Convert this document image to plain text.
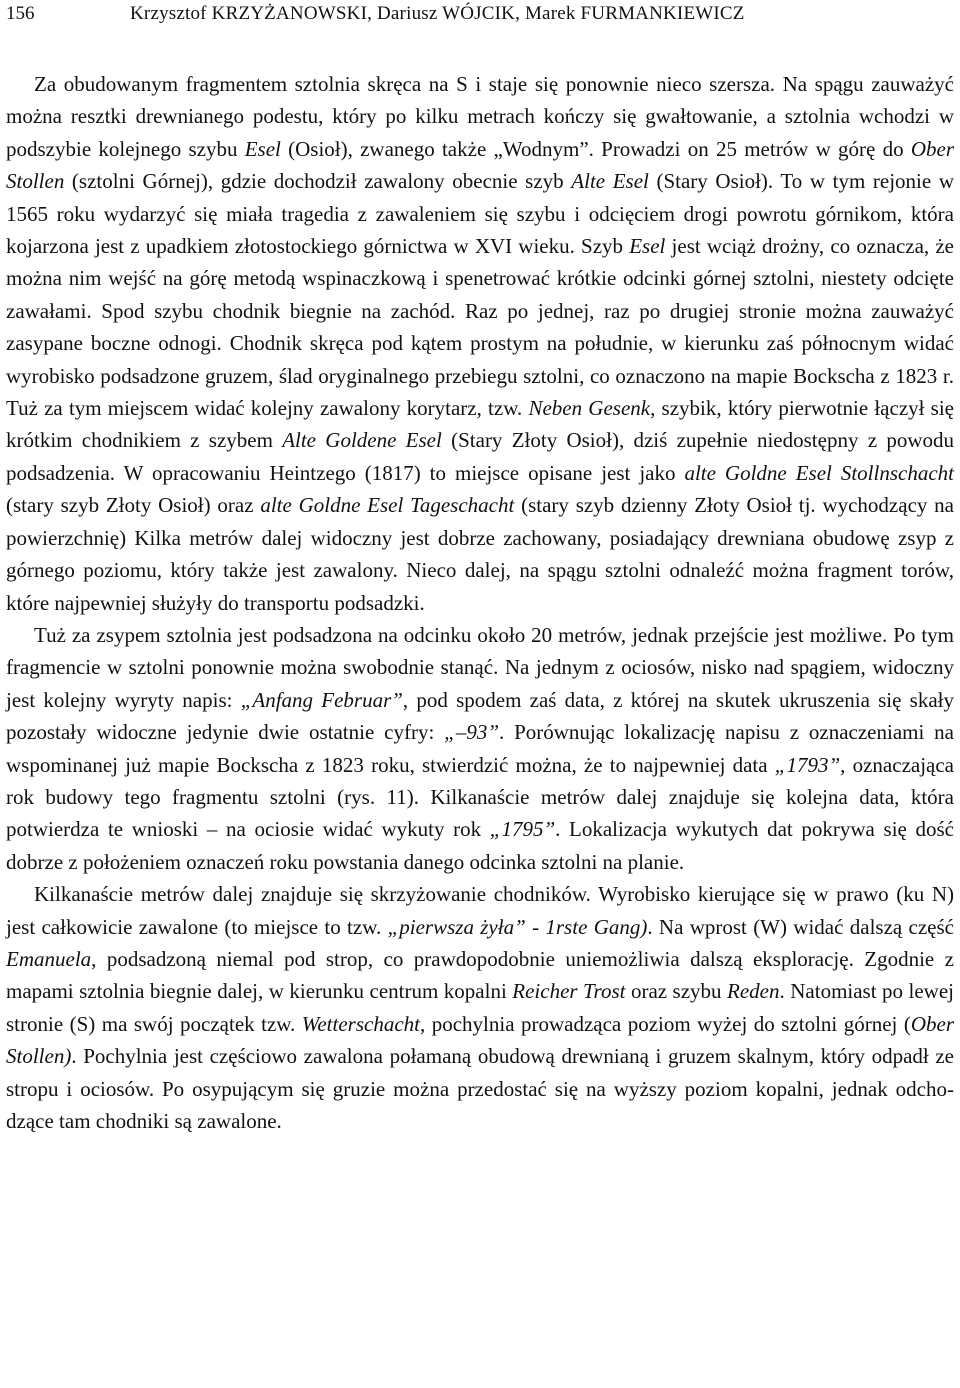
156	Krzysztof KRZYŻANOWSKI, Dariusz WÓJCIK, Marek FURMANKIEWICZ

Za obudowanym fragmentem sztolnia skręca na S i staje się ponownie nieco szersza. Na spągu zauważyć można resztki drewnianego podestu, który po kilku metrach kończy się gwałtowanie, a sztolnia wchodzi w podszybie kolejnego szybu Esel (Osioł), zwanego także „Wodnym”. Prowadzi on 25 metrów w górę do Ober Stollen (sztolni Górnej), gdzie dochodził zawalony obecnie szyb Alte Esel (Stary Osioł). To w tym rejonie w 1565 roku wydarzyć się miała tragedia z zawaleniem się szybu i odcięciem drogi powrotu górnikom, która kojarzona jest z upadkiem złotostockiego górnictwa w XVI wieku. Szyb Esel jest wciąż drożny, co oznacza, że można nim wejść na górę metodą wspinaczkową i spenetrować krótkie odcinki górnej sztolni, niestety odcięte zawałami. Spod szybu chodnik biegnie na zachód. Raz po jednej, raz po drugiej stronie można zauważyć zasypane boczne odnogi. Chodnik skręca pod kątem prostym na południe, w kierunku zaś północnym widać wyrobisko podsadzone gruzem, ślad oryginalnego przebiegu sztolni, co oznaczono na mapie Bockscha z 1823 r. Tuż za tym miejscem widać kolejny zawalony korytarz, tzw. Neben Gesenk, szybik, który pierwotnie łączył się krótkim chodnikiem z szybem Alte Goldene Esel (Stary Złoty Osioł), dziś zupełnie niedostępny z powodu podsadzenia. W opracowaniu Heintzego (1817) to miejsce opisane jest jako alte Goldne Esel Stollnschacht (stary szyb Złoty Osioł) oraz alte Goldne Esel Tageschacht (stary szyb dzienny Złoty Osioł tj. wychodzący na powierzchnię) Kilka metrów dalej widoczny jest dobrze zachowany, posiadający drewniana obudowę zsyp z górnego poziomu, który także jest zawalony. Nieco dalej, na spągu sztolni odnaleźć można fragment torów, które najpewniej służyły do transportu podsadzki.

Tuż za zsypem sztolnia jest podsadzona na odcinku około 20 metrów, jednak przejście jest możliwe. Po tym fragmencie w sztolni ponownie można swobodnie stanąć. Na jednym z ociosów, nisko nad spągiem, widoczny jest kolejny wyryty napis: „Anfang Februar”, pod spodem zaś data, z której na skutek ukruszenia się skały pozostały widoczne jedynie dwie ostatnie cyfry: „–93”. Porównując lokalizację napisu z oznaczeniami na wspominanej już mapie Bockscha z 1823 roku, stwierdzić można, że to najpewniej data „1793”, oznaczająca rok budowy tego fragmentu sztolni (rys. 11). Kilkanaście metrów dalej znajduje się kolejna data, która potwierdza te wnioski – na ociosie widać wykuty rok „1795”. Lokalizacja wykutych dat pokrywa się dość dobrze z położeniem oznaczeń roku powstania danego odcinka sztolni na planie.

Kilkanaście metrów dalej znajduje się skrzyżowanie chodników. Wyrobisko kierujące się w prawo (ku N) jest całkowicie zawalone (to miejsce to tzw. „pierwsza żyła” - 1rste Gang). Na wprost (W) widać dalszą część Emanuela, podsadzoną niemal pod strop, co prawdopodobnie uniemożliwia dalszą eksplorację. Zgodnie z mapami sztolnia biegnie dalej, w kierunku centrum kopalni Reicher Trost oraz szybu Reden. Natomiast po lewej stronie (S) ma swój początek tzw. Wetterschacht, pochylnia prowadząca poziom wyżej do sztolni górnej (Ober Stollen). Pochylnia jest częściowo zawalona połamaną obudową drewnianą i gruzem skalnym, który odpadł ze stropu i ociosów. Po osypującym się gruzie można przedostać się na wyższy poziom kopalni, jednak odchodzące tam chodniki są zawalone.
